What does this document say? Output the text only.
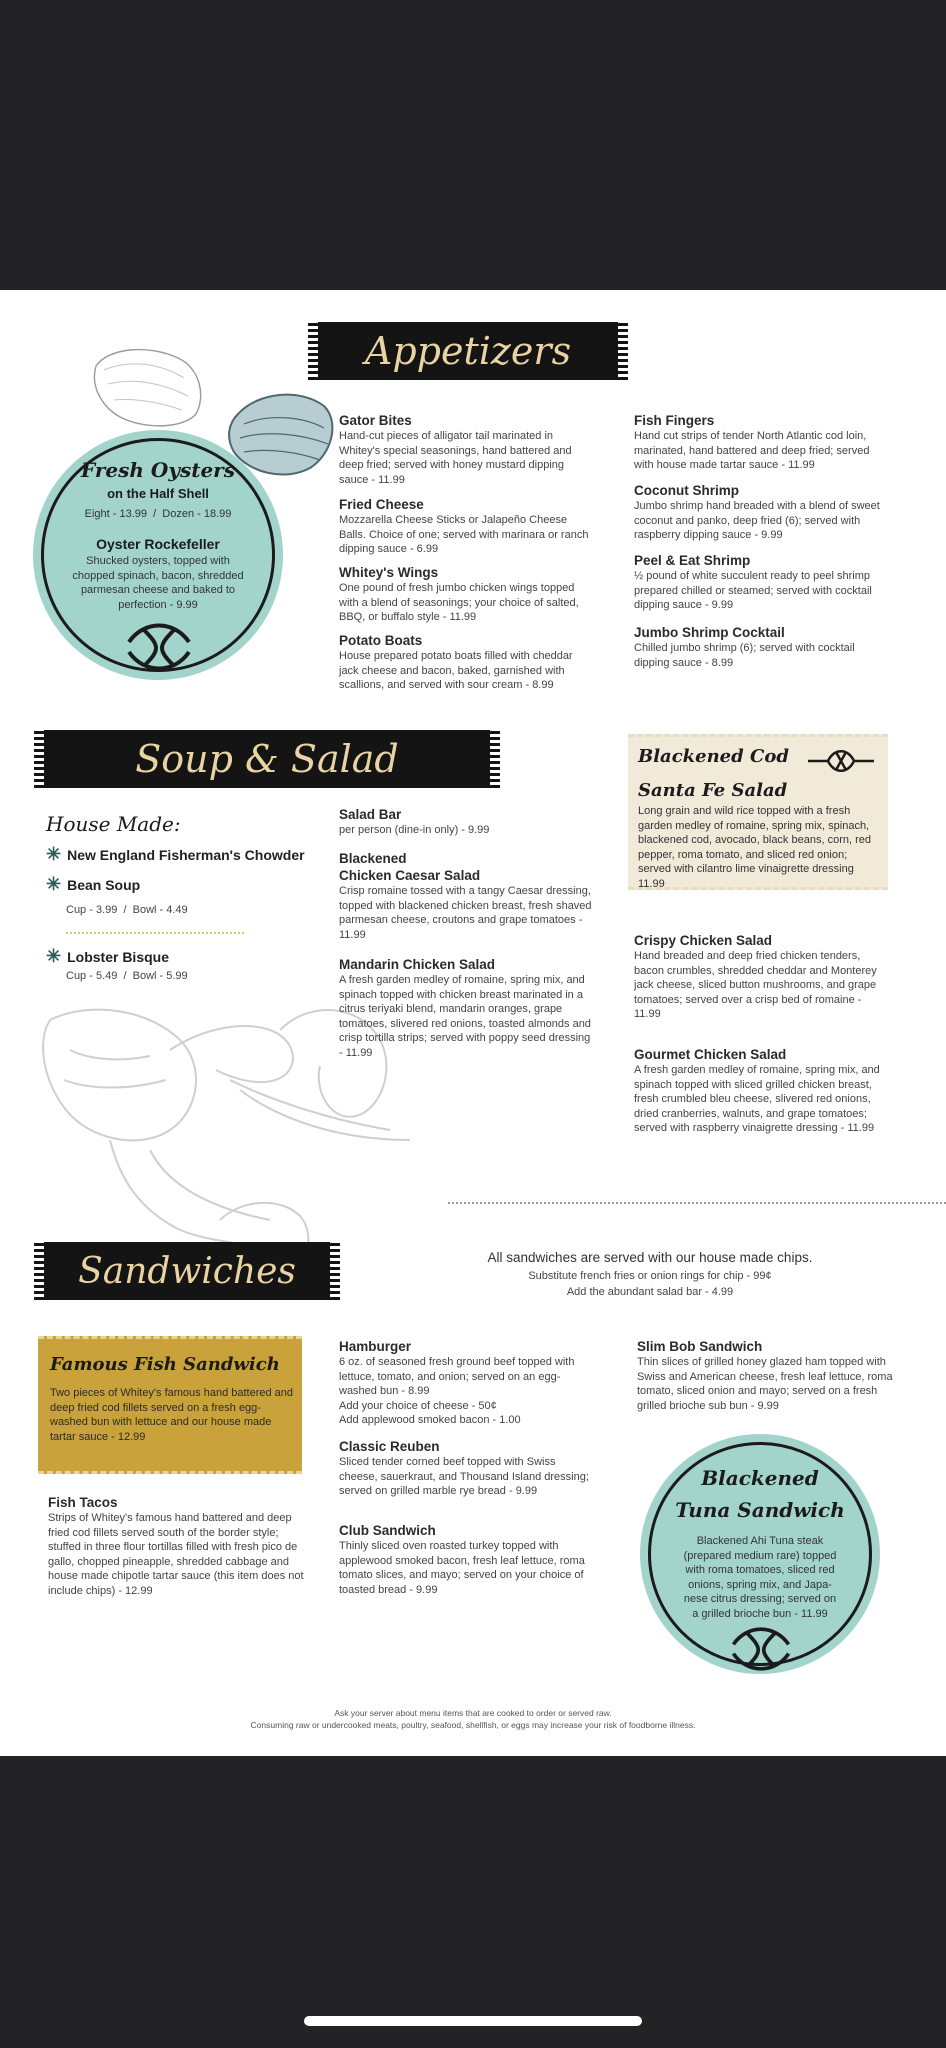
Appetizers
Fresh Oysters
on the Half Shell
Eight - 13.99  /  Dozen - 18.99
Oyster Rockefeller
Shucked oysters, topped with chopped spinach, bacon, shredded parmesan cheese and baked to perfection - 9.99
Gator Bites

Hand-cut pieces of alligator tail marinated in Whitey's special seasonings, hand battered and deep fried; served with honey mustard dipping sauce - 11.99

Fried Cheese

Mozzarella Cheese Sticks or Jalapeño Cheese Balls. Choice of one; served with marinara or ranch dipping sauce - 6.99

Whitey's Wings

One pound of fresh jumbo chicken wings topped with a blend of seasonings; your choice of salted, BBQ, or buffalo style - 11.99

Potato Boats

House prepared potato boats filled with cheddar jack cheese and bacon, baked, garnished with scallions, and served with sour cream - 8.99

Fish Fingers

Hand cut strips of tender North Atlantic cod loin, marinated, hand battered and deep fried; served with house made tartar sauce - 11.99

Coconut Shrimp

Jumbo shrimp hand breaded with a blend of sweet coconut and panko, deep fried (6); served with raspberry dipping sauce - 9.99

Peel & Eat Shrimp

½ pound of white succulent ready to peel shrimp prepared chilled or steamed; served with cocktail dipping sauce - 9.99

Jumbo Shrimp Cocktail

Chilled jumbo shrimp (6); served with cocktail dipping sauce - 8.99

Soup & Salad
House Made:
✳ New England Fisherman's Chowder
✳ Bean Soup
Cup - 3.99  /  Bowl - 4.49
✳ Lobster Bisque
Cup - 5.49  /  Bowl - 5.99
Salad Bar

per person (dine-in only) - 9.99

Blackened
Chicken Caesar Salad

Crisp romaine tossed with a tangy Caesar dressing, topped with blackened chicken breast, fresh shaved parmesan cheese, croutons and grape tomatoes - 11.99

Mandarin Chicken Salad

A fresh garden medley of romaine, spring mix, and spinach topped with chicken breast marinated in a citrus teriyaki blend, mandarin oranges, grape tomatoes, slivered red onions, toasted almonds and crisp tortilla strips; served with poppy seed dressing - 11.99

Blackened Cod
Santa Fe Salad
Long grain and wild rice topped with a fresh garden medley of romaine, spring mix, spinach, blackened cod, avocado, black beans, corn, red pepper, roma tomato, and sliced red onion; served with cilantro lime vinaigrette dressing 11.99
Crispy Chicken Salad

Hand breaded and deep fried chicken tenders, bacon crumbles, shredded cheddar and Monterey jack cheese, sliced button mushrooms, and grape tomatoes; served over a crisp bed of romaine - 11.99

Gourmet Chicken Salad

A fresh garden medley of romaine, spring mix, and spinach topped with sliced grilled chicken breast, fresh crumbled bleu cheese, slivered red onions, dried cranberries, walnuts, and grape tomatoes; served with raspberry vinaigrette dressing - 11.99

Sandwiches	All sandwiches are served with our house made chips.
Substitute french fries or onion rings for chip - 99¢
Add the abundant salad bar - 4.99
Famous Fish Sandwich
Two pieces of Whitey's famous hand battered and deep fried cod fillets served on a fresh egg-washed bun with lettuce and our house made tartar sauce - 12.99
Fish Tacos

Strips of Whitey's famous hand battered and deep fried cod fillets served south of the border style; stuffed in three flour tortillas filled with fresh pico de gallo, chopped pineapple, shredded cabbage and house made chipotle tartar sauce (this item does not include chips) - 12.99

Hamburger

6 oz. of seasoned fresh ground beef topped with lettuce, tomato, and onion; served on an egg-washed bun - 8.99
Add your choice of cheese - 50¢
Add applewood smoked bacon - 1.00

Classic Reuben

Sliced tender corned beef topped with Swiss cheese, sauerkraut, and Thousand Island dressing; served on grilled marble rye bread - 9.99

Club Sandwich

Thinly sliced oven roasted turkey topped with applewood smoked bacon, fresh leaf lettuce, roma tomato slices, and mayo; served on your choice of toasted bread - 9.99

Slim Bob Sandwich

Thin slices of grilled honey glazed ham topped with Swiss and American cheese, fresh leaf lettuce, roma tomato, sliced onion and mayo; served on a fresh grilled brioche sub bun - 9.99

Blackened
Tuna Sandwich
Blackened Ahi Tuna steak (prepared medium rare) topped with roma tomatoes, sliced red onions, spring mix, and Japa-nese citrus dressing; served on a grilled brioche bun - 11.99
Ask your server about menu items that are cooked to order or served raw.
Consuming raw or undercooked meats, poultry, seafood, shellfish, or eggs may increase your risk of foodborne illness.
